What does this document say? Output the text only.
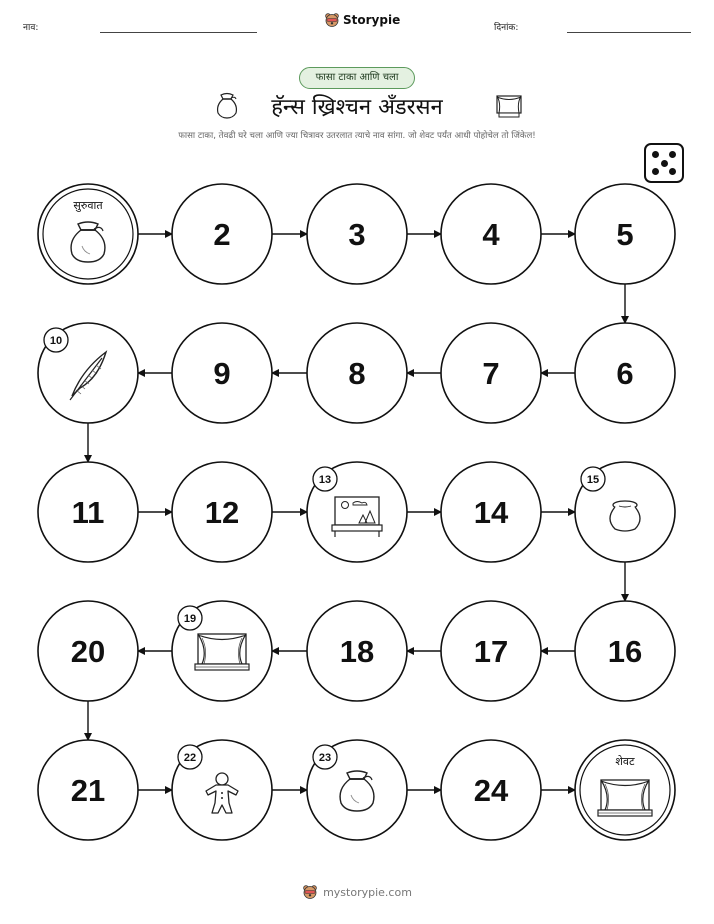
नाव:
Storypie
दिनांक:
फासा टाका आणि चला
हॅन्स ख्रिश्चन अँडरसन
फासा टाका, तेवढी घरे चला आणि ज्या चित्रावर उतरलात त्याचे नाव सांगा. जो शेवट पर्यंत आधी पोहोचेल तो जिंकेल!
सुरुवात
2	3	4	5
6
7
8
9
10
11	12
13
14
15
16
17
18
19
20
21
22	23
24
शेवट
mystorypie.com
